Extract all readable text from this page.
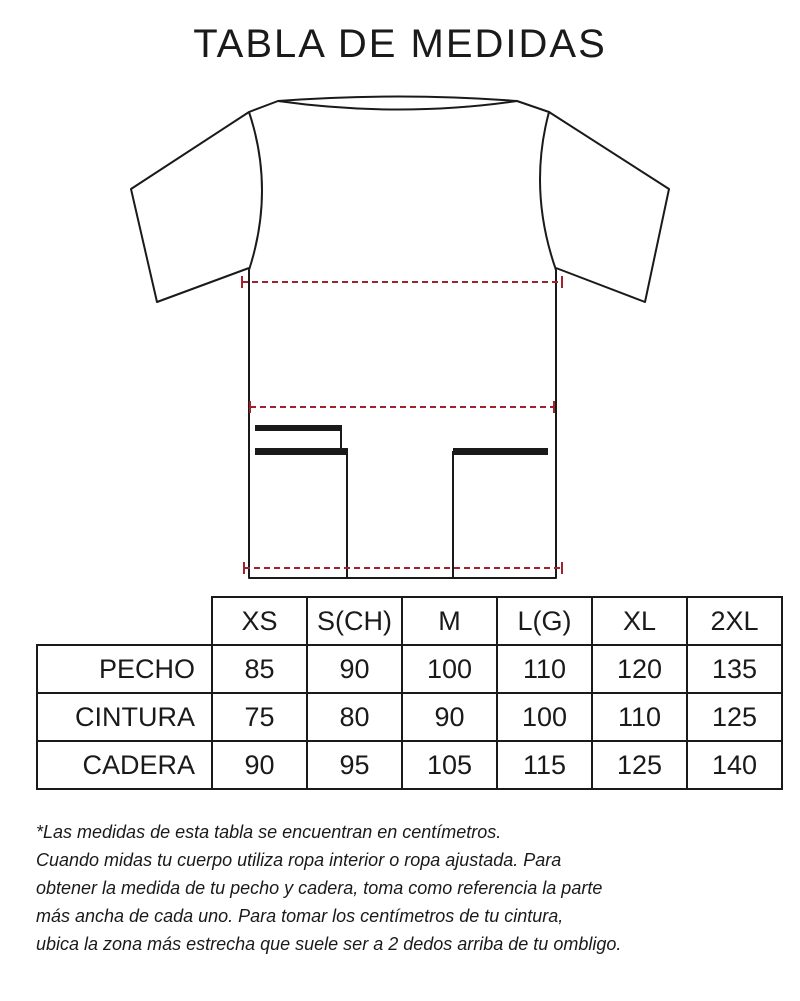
TABLA DE MEDIDAS
	XS	S(CH)	M	L(G)	XL	2XL
PECHO	85	90	100	110	120	135
CINTURA	75	80	90	100	110	125
CADERA	90	95	105	115	125	140

*Las medidas de esta tabla se encuentran en centímetros.

Cuando midas tu cuerpo utiliza ropa interior o ropa ajustada. Para

obtener la medida de tu pecho y cadera, toma como referencia la parte

más ancha de cada uno. Para tomar los centímetros de tu cintura,

ubica la zona más estrecha que suele ser a 2 dedos arriba de tu ombligo.
